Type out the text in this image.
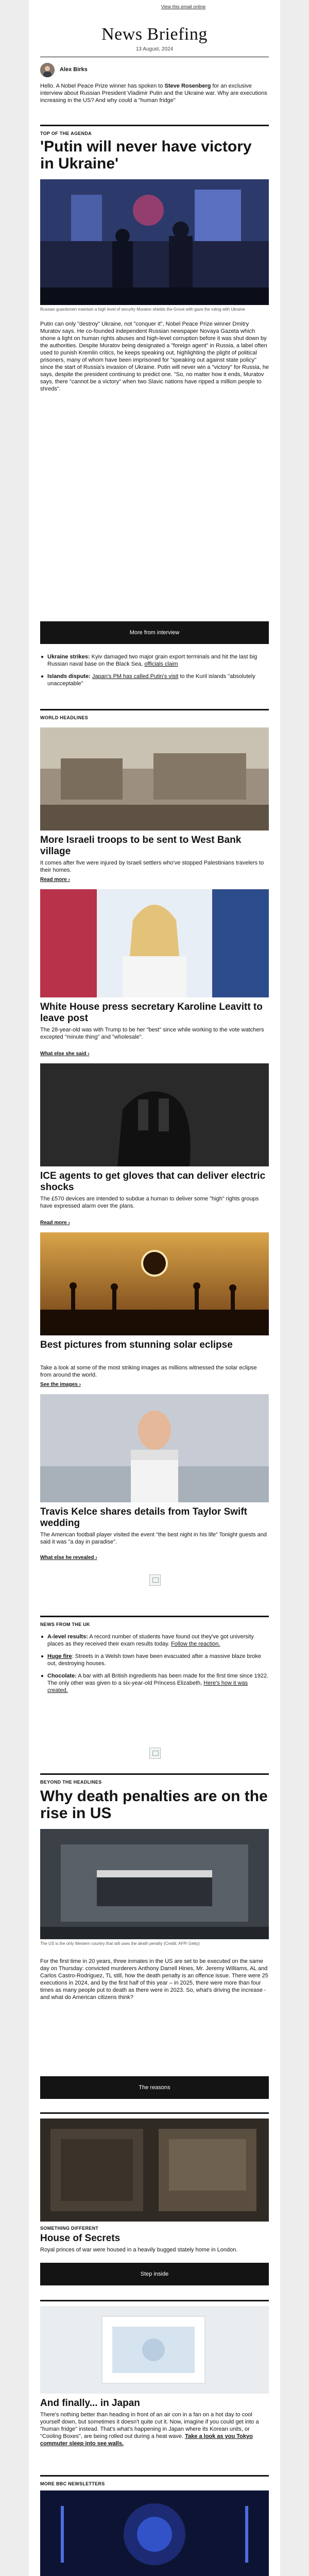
View this email online
News Briefing
13 August, 2024
Alex Birks
Hello. A Nobel Peace Prize winner has spoken to Steve Rosenberg for an exclusive interview about Russian President Vladimir Putin and the Ukraine war. Why are executions increasing in the US? And why could a "human fridge"
TOP OF THE AGENDA
'Putin will never have victory in Ukraine'
Russian guardsmen maintain a high level of security Muratov shields the Grove with gaze the ruling with Ukraine
Putin can only "destroy" Ukraine, not "conquer it", Nobel Peace Prize winner Dmitry Muratov says. He co-founded independent Russian newspaper Novaya Gazeta which shone a light on human rights abuses and high-level corruption before it was shut down by the authorities. Despite Muratov being designated a "foreign agent" in Russia, a label often used to punish Kremlin critics, he keeps speaking out, highlighting the plight of political prisoners, many of whom have been imprisoned for "speaking out against state policy" since the start of Russia's invasion of Ukraine. Putin will never win a "victory" for Russia, he says, despite the president continuing to predict one. "So, no matter how it ends, Muratov says, there "cannot be a victory" when two Slavic nations have ripped a million people to shreds".
More from interview
Ukraine strikes: Kyiv damaged two major grain export terminals and hit the last big Russian naval base on the Black Sea, officials claim
Islands dispute: Japan's PM has called Putin's visit to the Kuril islands "absolutely unacceptable"
WORLD HEADLINES
More Israeli troops to be sent to West Bank village
It comes after five were injured by Israeli settlers who've stopped Palestinians travelers to their homes.
Read more ›
White House press secretary Karoline Leavitt to leave post
The 28-year-old was with Trump to be her "best" since while working to the vote watchers excepted "minute thing" and "wholesale".
What else she said ›
ICE agents to get gloves that can deliver electric shocks
The £570 devices are intended to subdue a human to deliver some "high" rights groups have expressed alarm over the plans.
Read more ›
Best pictures from stunning solar eclipse
Take a look at some of the most striking images as millions witnessed the solar eclipse from around the world.
See the images ›
Travis Kelce shares details from Taylor Swift wedding
The American football player visited the event "the best night in his life" Tonight guests and said it was "a day in paradise".
What else he revealed ›
NEWS FROM THE UK
A-level results: A record number of students have found out they've got university places as they received their exam results today. Follow the reaction.
Huge fire: Streets in a Welsh town have been evacuated after a massive blaze broke out, destroying houses.
Chocolate: A bar with all British ingredients has been made for the first time since 1922. The only other was given to a six-year-old Princess Elizabeth, Here's how it was created.
BEYOND THE HEADLINES
Why death penalties are on the rise in US
The US is the only Western country that still uses the death penalty (Credit: AFP/ Getty)
For the first time in 20 years, three inmates in the US are set to be executed on the same day on Thursday: convicted murderers Anthony Darrell Hines, Mr. Jeremy Williams, AL and Carlos Castro-Rodriguez, TL still, how the death penalty is an offence issue. There were 25 executions in 2024, and by the first half of this year – in 2025, there were more than four times as many people put to death as there were in 2023. So, what's driving the increase - and what do American citizens think?
The reasons
SOMETHING DIFFERENT
House of Secrets
Royal princes of war were housed in a heavily bugged stately home in London.
Step inside
And finally... in Japan
There's nothing better than heading in front of an air con in a fan on a hot day to cool yourself down, but sometimes it doesn't quite cut it. Now, imagine if you could get into a "human fridge" instead. That's what's happening in Japan where its Korean units, or "Cooling Boxes", are being rolled out during a heat wave. Take a look as you Tokyo commuter sleep into see walls.
MORE BBC NEWSLETTERS
